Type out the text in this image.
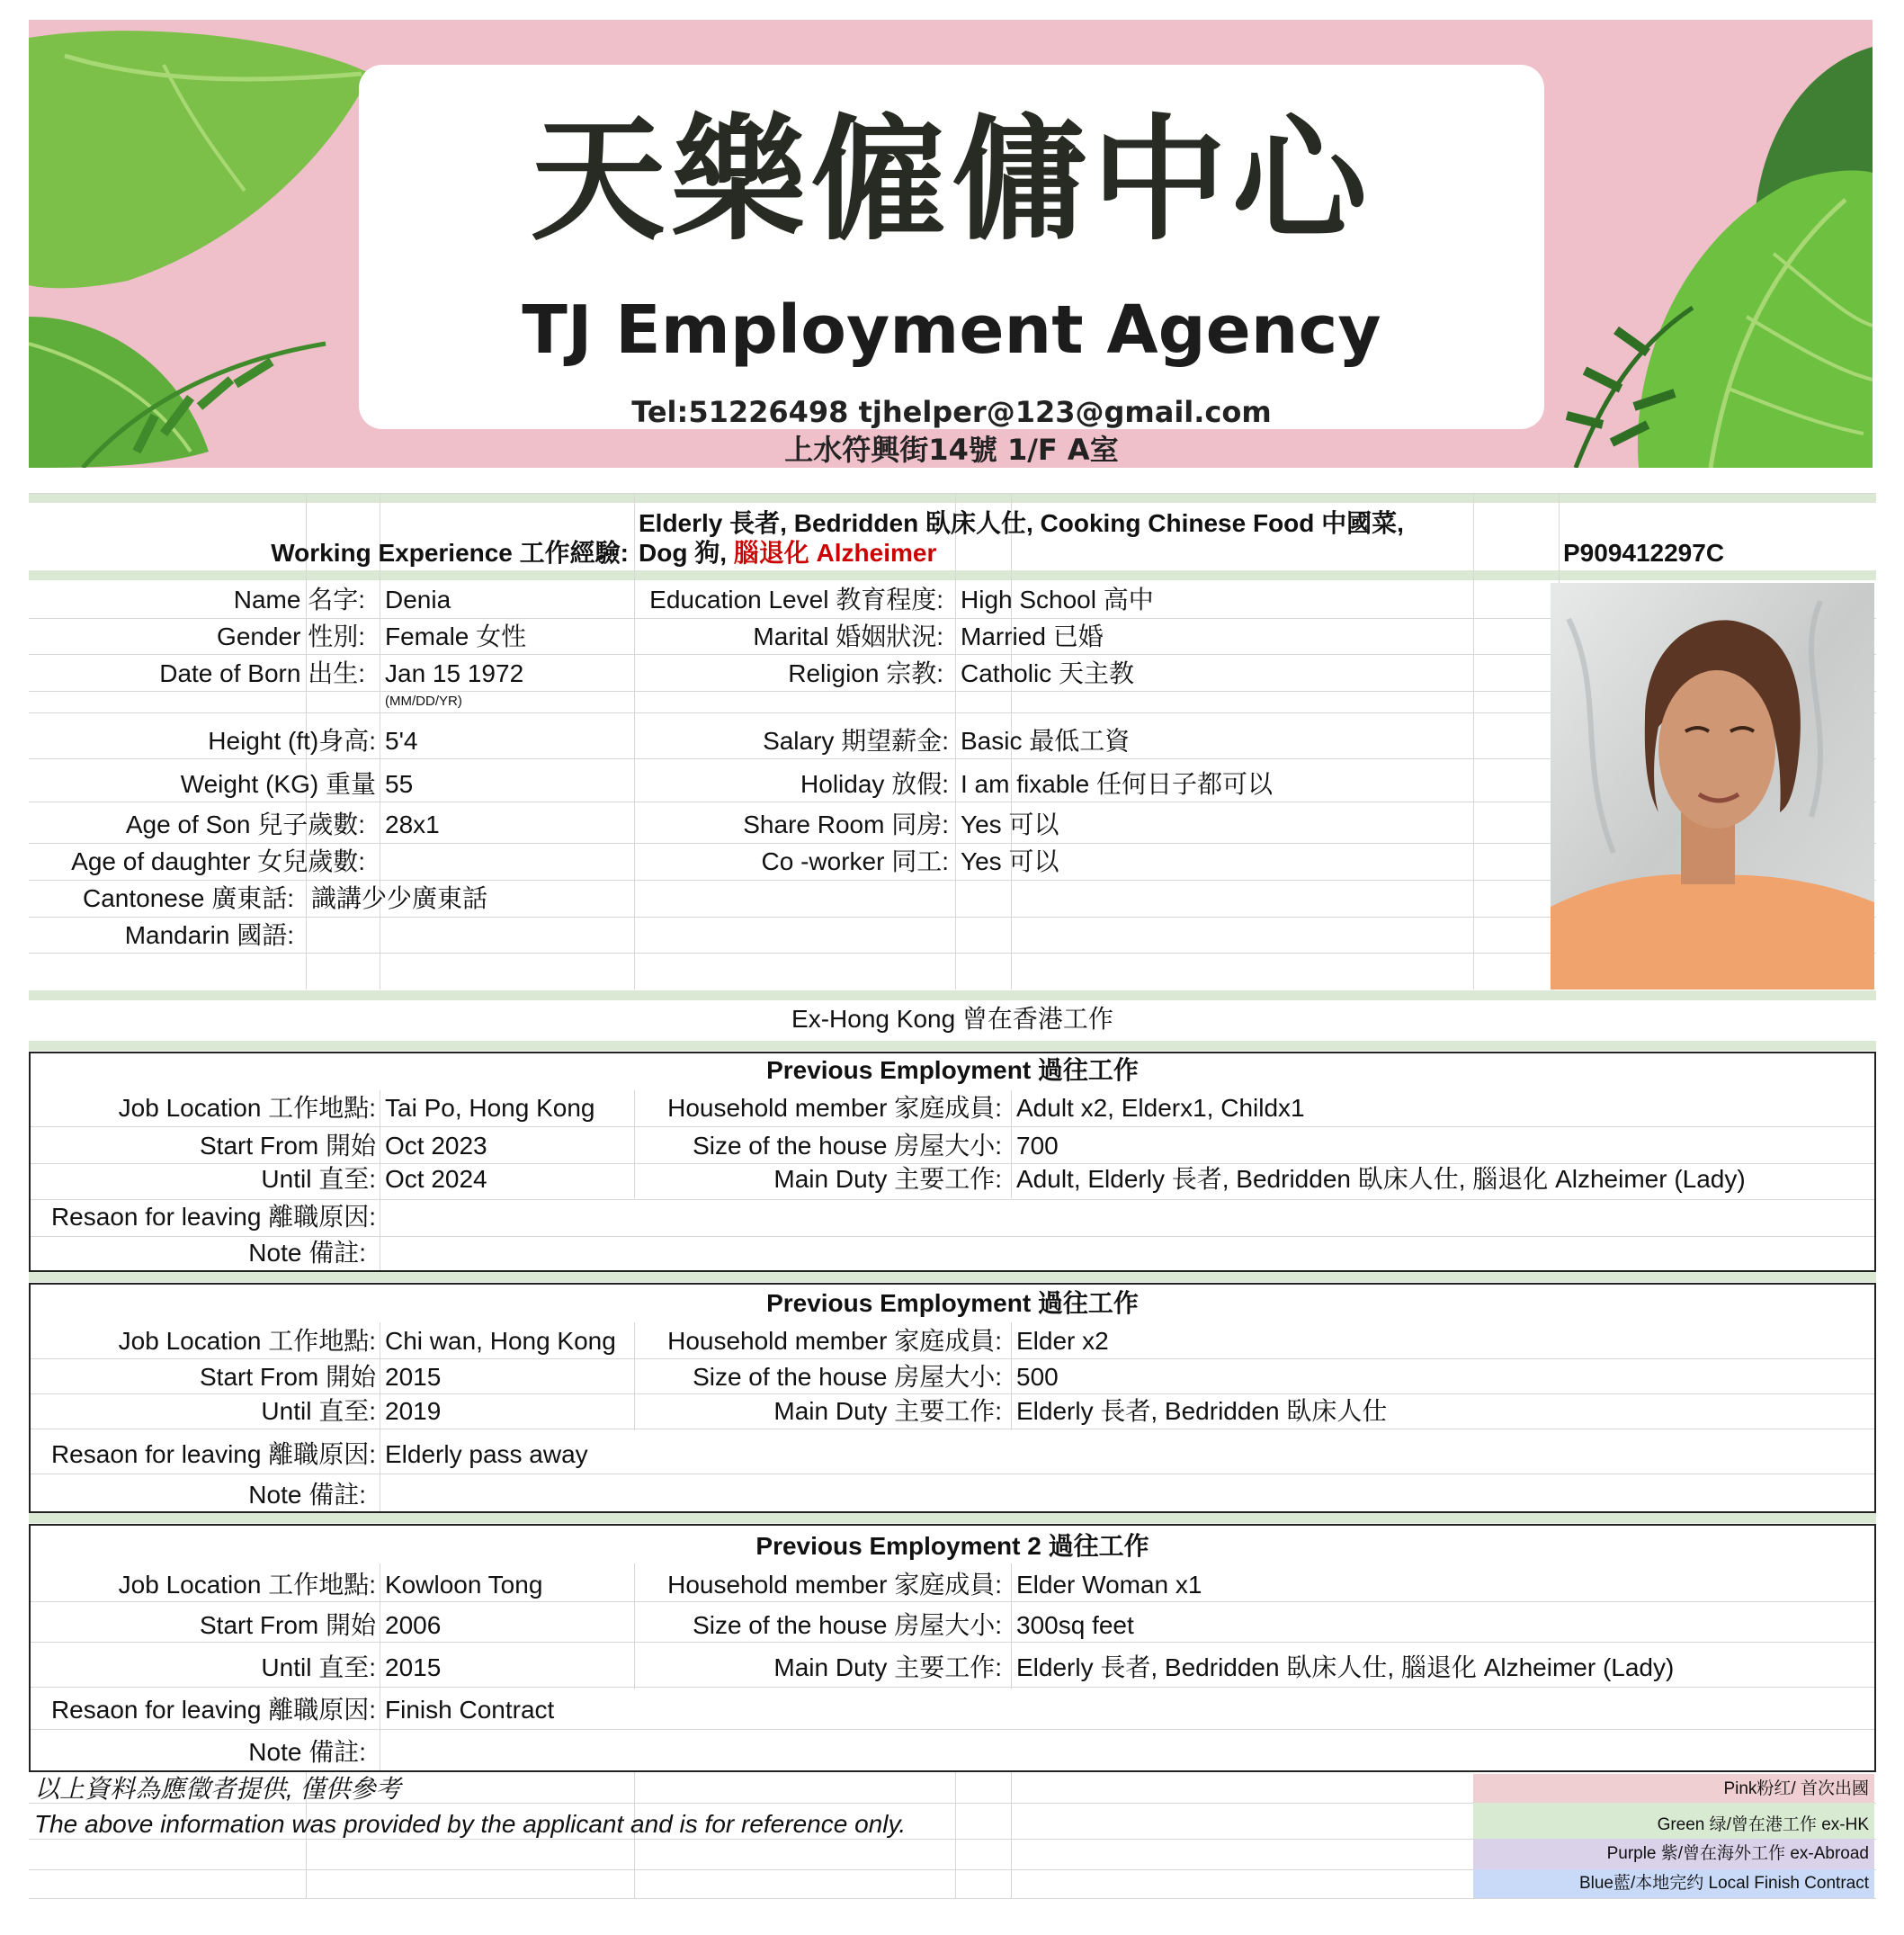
天樂僱傭中心
TJ Employment Agency
Tel:51226498 tjhelper@123@gmail.com
上水符興街14號 1/F A室
Working Experience 工作經驗:
Elderly 長者, Bedridden 臥床人仕, Cooking Chinese Food 中國菜,
Dog 狗, 腦退化 Alzheimer	P909412297C
Name 名字: Denia
Gender 性別: Female 女性
Date of Born 出生: Jan 15 1972
(MM/DD/YR)
Height (ft)身高: 5'4
Weight (KG) 重量 55
Age of Son 兒子歲數: 28x1
Age of daughter 女兒歲數:
Cantonese 廣東話: 識講少少廣東話
Mandarin 國語:
Education Level 教育程度: High School 高中
Marital 婚姻狀況: Married 已婚
Religion 宗教: Catholic 天主教
Salary 期望薪金: Basic 最低工資
Holiday 放假: I am fixable 任何日子都可以
Share Room 同房: Yes 可以
Co -worker 同工: Yes 可以
Ex-Hong Kong 曾在香港工作
Previous Employment 過往工作
Job Location 工作地點: Tai Po, Hong Kong
Start From 開始 Oct 2023
Until 直至: Oct 2024
Resaon for leaving 離職原因:
Note 備註:
Household member 家庭成員: Adult x2, Elderx1, Childx1
Size of the house 房屋大小: 700
Main Duty 主要工作: Adult, Elderly 長者, Bedridden 臥床人仕, 腦退化 Alzheimer (Lady)
Previous Employment 過往工作
Job Location 工作地點: Chi wan, Hong Kong
Start From 開始 2015
Until 直至: 2019
Resaon for leaving 離職原因: Elderly pass away
Note 備註:
Household member 家庭成員: Elder x2
Size of the house 房屋大小: 500
Main Duty 主要工作: Elderly 長者, Bedridden 臥床人仕
Previous Employment 2 過往工作
Job Location 工作地點: Kowloon Tong
Start From 開始 2006
Until 直至: 2015
Resaon for leaving 離職原因: Finish Contract
Note 備註:
Household member 家庭成員: Elder Woman x1
Size of the house 房屋大小: 300sq feet
Main Duty 主要工作: Elderly 長者, Bedridden 臥床人仕, 腦退化 Alzheimer (Lady)
以上資料為應徵者提供, 僅供參考
The above information was provided by the applicant and is for reference only.
Pink粉红/ 首次出國
Green 绿/曾在港工作 ex-HK
Purple 紫/曾在海外工作 ex-Abroad
Blue藍/本地完约 Local Finish Contract
